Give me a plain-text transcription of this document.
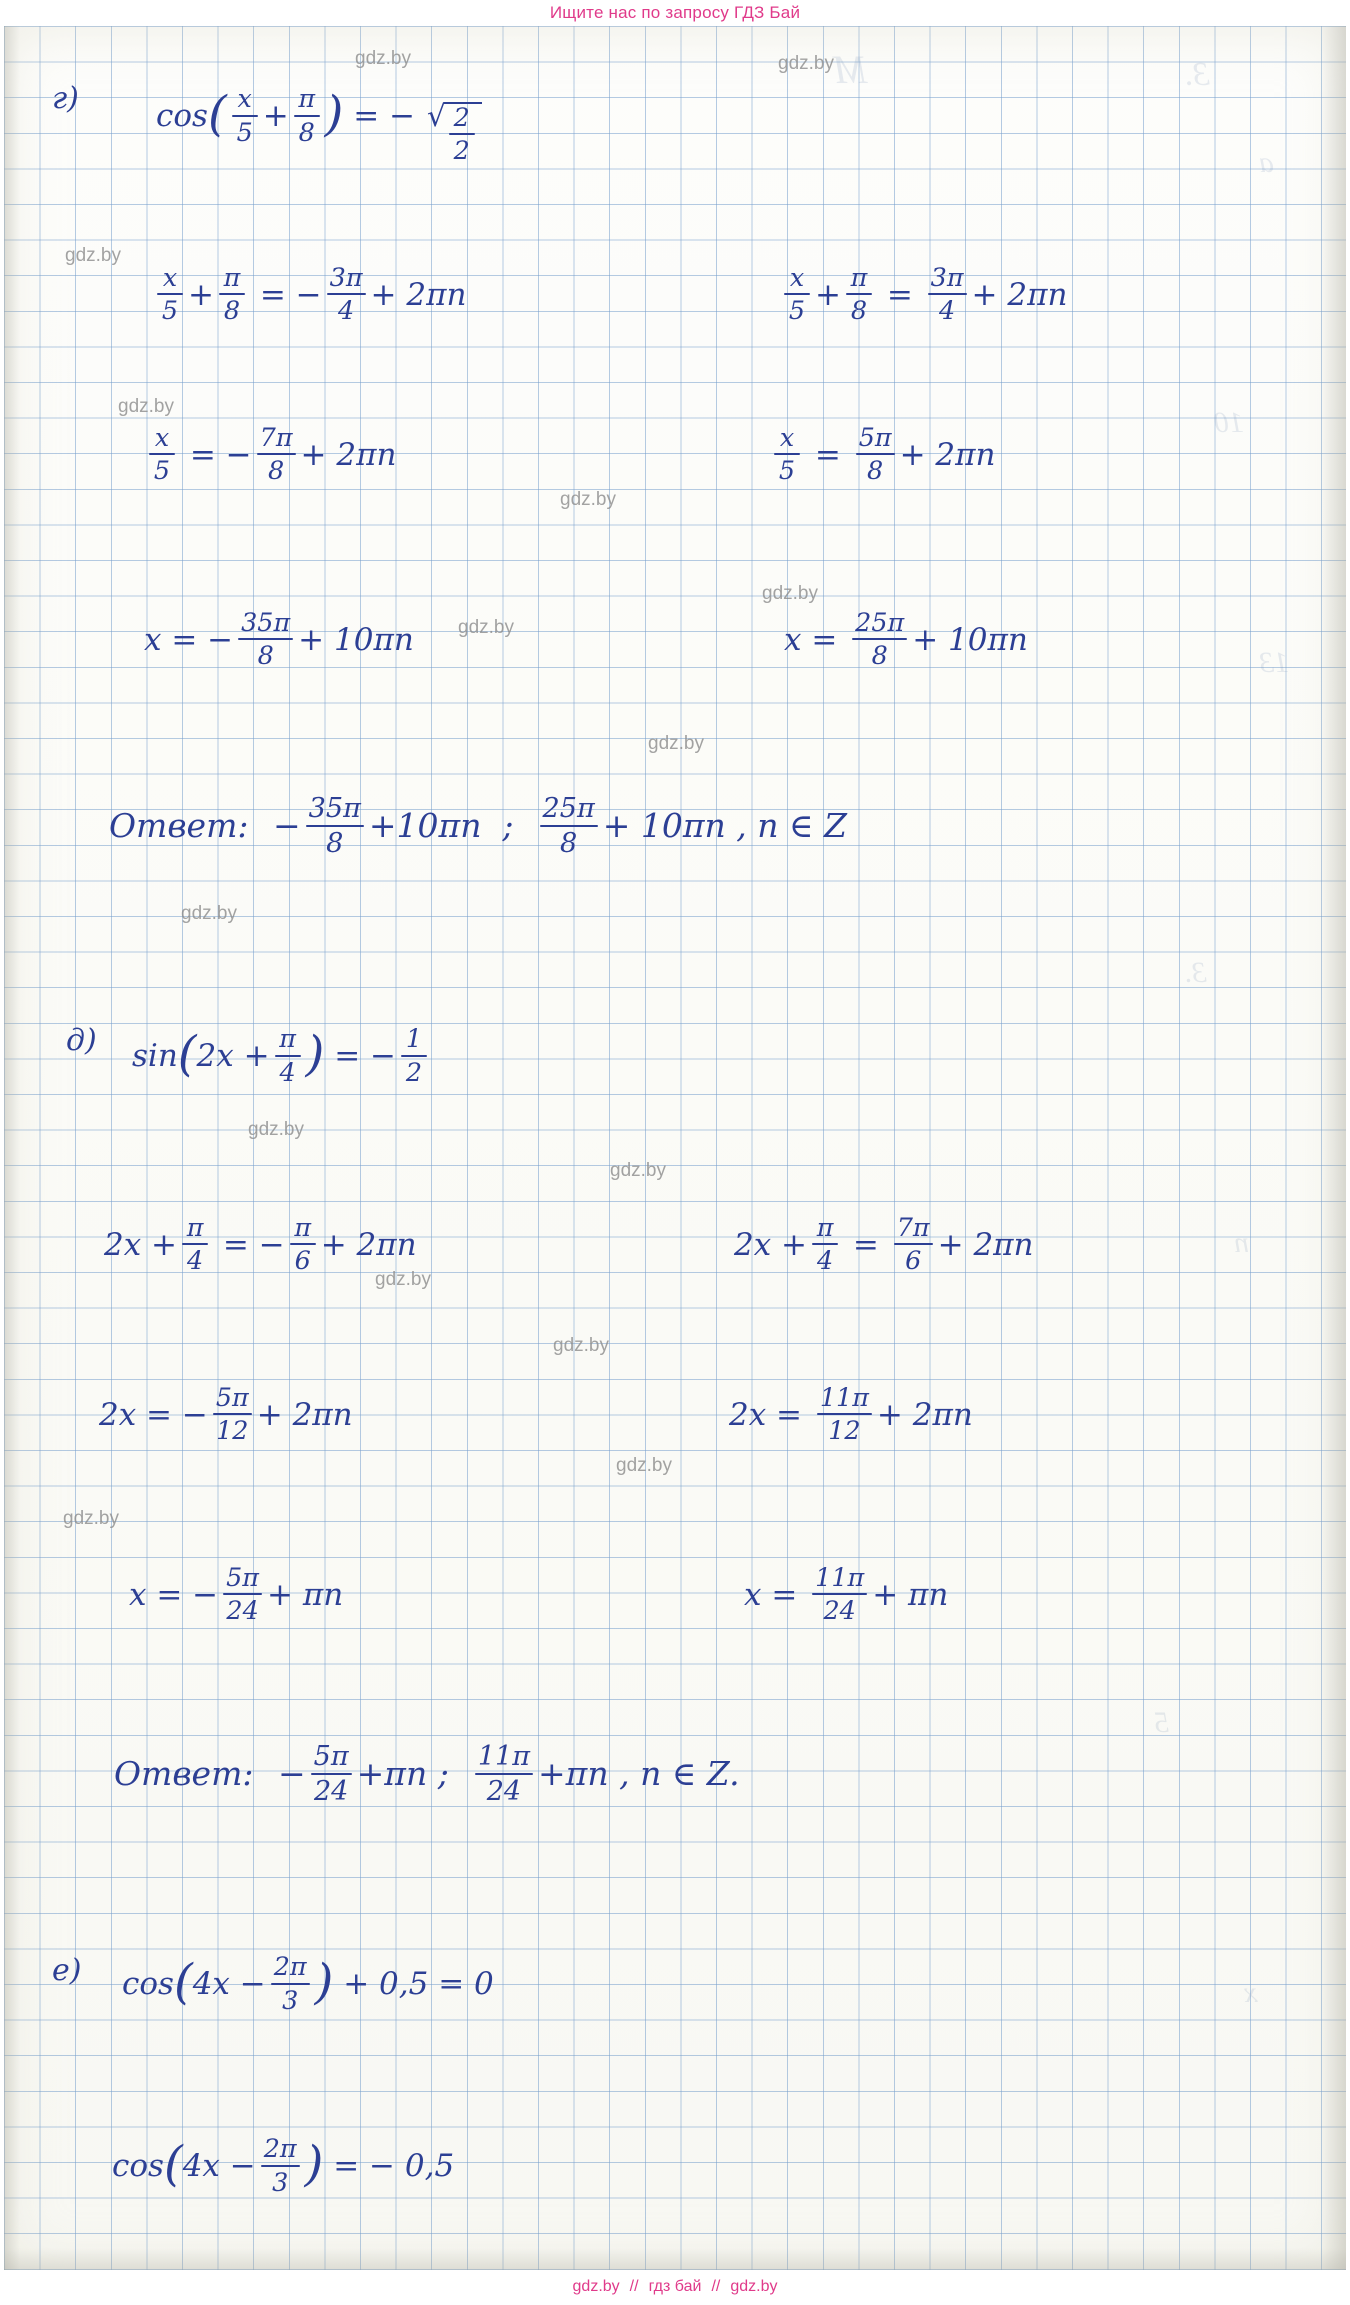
Ищите нас по запросу ГДЗ Бай
M	3.
a
10
13
3.
n
5
x
г) $\cos( \frac{x}{5} + \frac{\pi}{8}$ ) = − √ $\frac{2}{2}$
$\frac{x}{5} + \frac{\pi}{8}$ = − $\frac{3\pi}{4} + 2\pi n$	$\frac{x}{5} + \frac{\pi}{8} = \frac{3\pi}{4} + 2\pi n$
$\frac{x}{5}$ = − $\frac{7\pi}{8} + 2\pi n$	$\frac{x}{5} = \frac{5\pi}{8} + 2\pi n$
x = − $\frac{35\pi}{8} + 10\pi n$	$x = \frac{25\pi}{8} + 10\pi n$
Ответ: − $\frac{35\pi}{8} +10\pi n$  ; $\frac{25\pi}{8} + 10\pi n$ , n ∈ Z
д) $\sin(2x + \frac{\pi}{4}$ ) = − $\frac{1}{2}$
$2x + \frac{\pi}{4}$ = − $\frac{\pi}{6} + 2\pi n$	$2x + \frac{\pi}{4} = \frac{7\pi}{6} + 2\pi n$
2x = − $\frac{5\pi}{12} + 2\pi n$	$2x = \frac{11\pi}{12} + 2\pi n$
x = − $\frac{5\pi}{24} + \pi n$	$x = \frac{11\pi}{24} + \pi n$
Ответ: − $\frac{5\pi}{24} +\pi n$ ; $\frac{11\pi}{24} +\pi n$ , n ∈ Z.
е) $\cos(4x - \frac{2\pi}{3}$ ) + 0,5 = 0
$\cos(4x - \frac{2\pi}{3}$ ) = − 0,5
gdz.by	gdz.by
gdz.by
gdz.by
gdz.by
gdz.by
gdz.by
gdz.by
gdz.by
gdz.by
gdz.by
gdz.by
gdz.by
gdz.by
gdz.by
gdz.by // гдз бай // gdz.by
